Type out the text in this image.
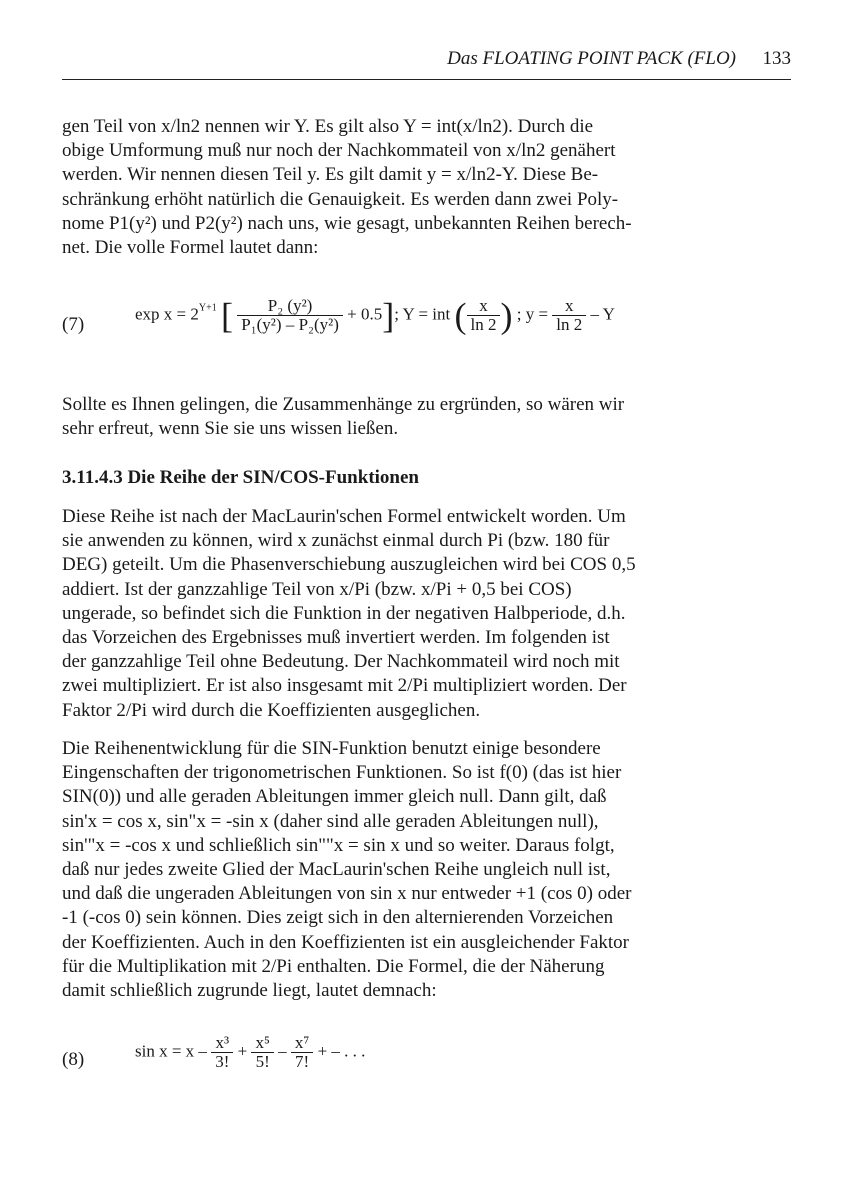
Das FLOATING POINT PACK (FLO) 133

gen Teil von x/ln2 nennen wir Y. Es gilt also Y = int(x/ln2). Durch die
obige Umformung muß nur noch der Nachkommateil von x/ln2 genähert
werden. Wir nennen diesen Teil y. Es gilt damit y = x/ln2-Y. Diese Be-
schränkung erhöht natürlich die Genauigkeit. Es werden dann zwei Poly-
nome P1(y²) und P2(y²) nach uns, wie gesagt, unbekannten Reihen berech-
net. Die volle Formel lautet dann:

(7)
$\exp x = 2^{Y+1}$ [ $\frac{\text{P₂ (y²)}}{\text{P₁(y²) – P₂(y²)}} + 0.5$]; Y = int ( $\frac{x}{\ln 2}$ ) ; $y = \frac{x}{\ln 2} - Y$

Sollte es Ihnen gelingen, die Zusammenhänge zu ergründen, so wären wir
sehr erfreut, wenn Sie sie uns wissen ließen.

3.11.4.3 Die Reihe der SIN/COS-Funktionen

Diese Reihe ist nach der MacLaurin'schen Formel entwickelt worden. Um
sie anwenden zu können, wird x zunächst einmal durch Pi (bzw. 180 für
DEG) geteilt. Um die Phasenverschiebung auszugleichen wird bei COS 0,5
addiert. Ist der ganzzahlige Teil von x/Pi (bzw. x/Pi + 0,5 bei COS)
ungerade, so befindet sich die Funktion in der negativen Halbperiode, d.h.
das Vorzeichen des Ergebnisses muß invertiert werden. Im folgenden ist
der ganzzahlige Teil ohne Bedeutung. Der Nachkommateil wird noch mit
zwei multipliziert. Er ist also insgesamt mit 2/Pi multipliziert worden. Der
Faktor 2/Pi wird durch die Koeffizienten ausgeglichen.

Die Reihenentwicklung für die SIN-Funktion benutzt einige besondere
Eingenschaften der trigonometrischen Funktionen. So ist f(0) (das ist hier
SIN(0)) und alle geraden Ableitungen immer gleich null. Dann gilt, daß
sin'x = cos x, sin"x = -sin x (daher sind alle geraden Ableitungen null),
sin'"x = -cos x und schließlich sin""x = sin x und so weiter. Daraus folgt,
daß nur jedes zweite Glied der MacLaurin'schen Reihe ungleich null ist,
und daß die ungeraden Ableitungen von sin x nur entweder +1 (cos 0) oder
-1 (-cos 0) sein können. Dies zeigt sich in den alternierenden Vorzeichen
der Koeffizienten. Auch in den Koeffizienten ist ein ausgleichender Faktor
für die Multiplikation mit 2/Pi enthalten. Die Formel, die der Näherung
damit schließlich zugrunde liegt, lautet demnach:

(8)	$\sin x = x - \frac{\text{x³}}{3!} + \frac{\text{x⁵}}{5!} - \frac{\text{x⁷}}{7!}$ + – . . .
